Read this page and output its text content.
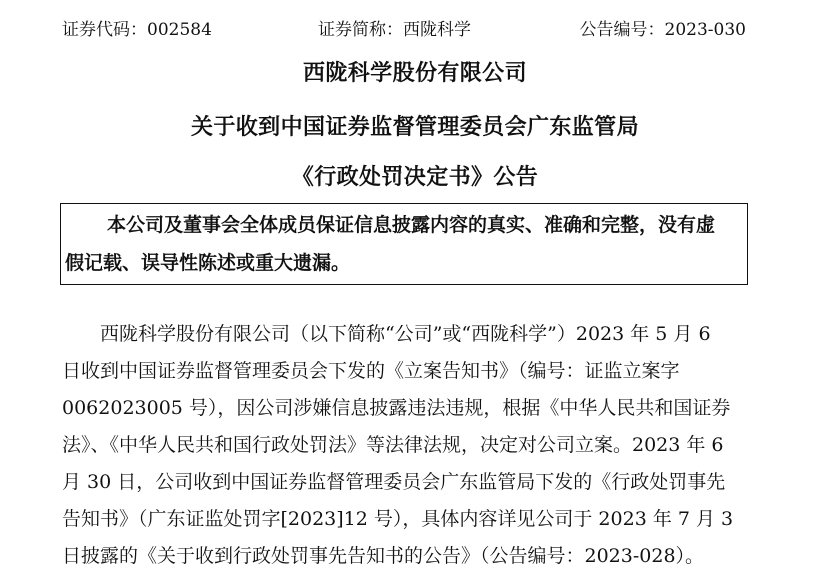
证券代码：002584	证券简称：西陇科学	公告编号：2023-030
西陇科学股份有限公司
关于收到中国证券监督管理委员会广东监管局
《行政处罚决定书》公告
本公司及董事会全体成员保证信息披露内容的真实、准确和完整，没有虚
假记载、误导性陈述或重大遗漏。
西陇科学股份有限公司（以下简称“公司”或“西陇科学”）2023 年 5 月 6
日收到中国证券监督管理委员会下发的《立案告知书》（编号：证监立案字
0062023005 号），因公司涉嫌信息披露违法违规，根据《中华人民共和国证券
法》、《中华人民共和国行政处罚法》等法律法规，决定对公司立案。2023 年 6
月 30 日，公司收到中国证券监督管理委员会广东监管局下发的《行政处罚事先
告知书》（广东证监处罚字[2023]12 号），具体内容详见公司于 2023 年 7 月 3
日披露的《关于收到行政处罚事先告知书的公告》（公告编号：2023-028）。
